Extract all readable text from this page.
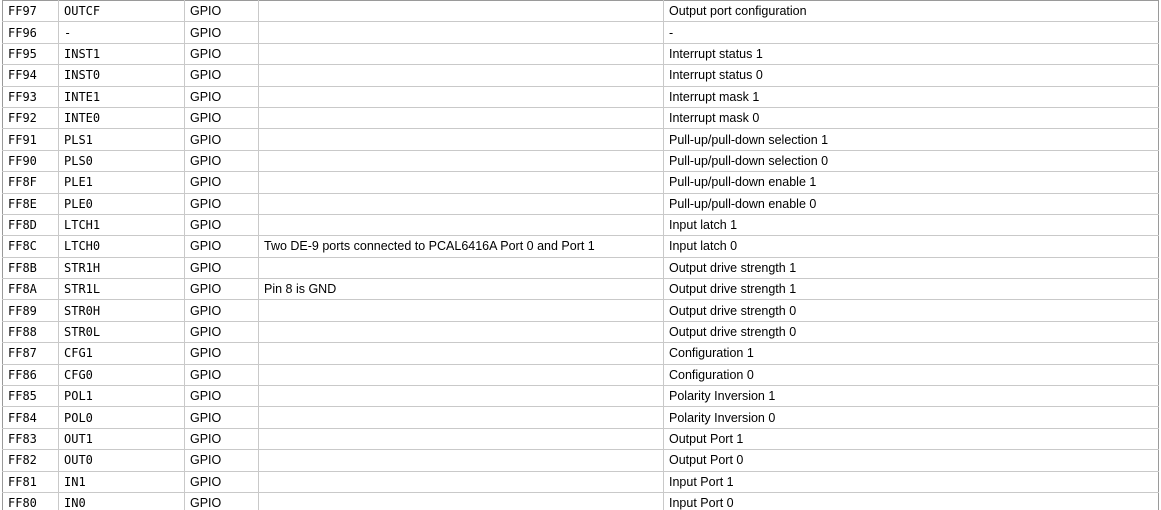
FF97	OUTCF	GPIO		Output port configuration
FF96	-	GPIO		-
FF95	INST1	GPIO		Interrupt status 1
FF94	INST0	GPIO		Interrupt status 0
FF93	INTE1	GPIO		Interrupt mask 1
FF92	INTE0	GPIO		Interrupt mask 0
FF91	PLS1	GPIO		Pull-up/pull-down selection 1
FF90	PLS0	GPIO		Pull-up/pull-down selection 0
FF8F	PLE1	GPIO		Pull-up/pull-down enable 1
FF8E	PLE0	GPIO		Pull-up/pull-down enable 0
FF8D	LTCH1	GPIO		Input latch 1
FF8C	LTCH0	GPIO	Two DE-9 ports connected to PCAL6416A Port 0 and Port 1	Input latch 0
FF8B	STR1H	GPIO		Output drive strength 1
FF8A	STR1L	GPIO	Pin 8 is GND	Output drive strength 1
FF89	STR0H	GPIO		Output drive strength 0
FF88	STR0L	GPIO		Output drive strength 0
FF87	CFG1	GPIO		Configuration 1
FF86	CFG0	GPIO		Configuration 0
FF85	POL1	GPIO		Polarity Inversion 1
FF84	POL0	GPIO		Polarity Inversion 0
FF83	OUT1	GPIO		Output Port 1
FF82	OUT0	GPIO		Output Port 0
FF81	IN1	GPIO		Input Port 1
FF80	IN0	GPIO		Input Port 0
